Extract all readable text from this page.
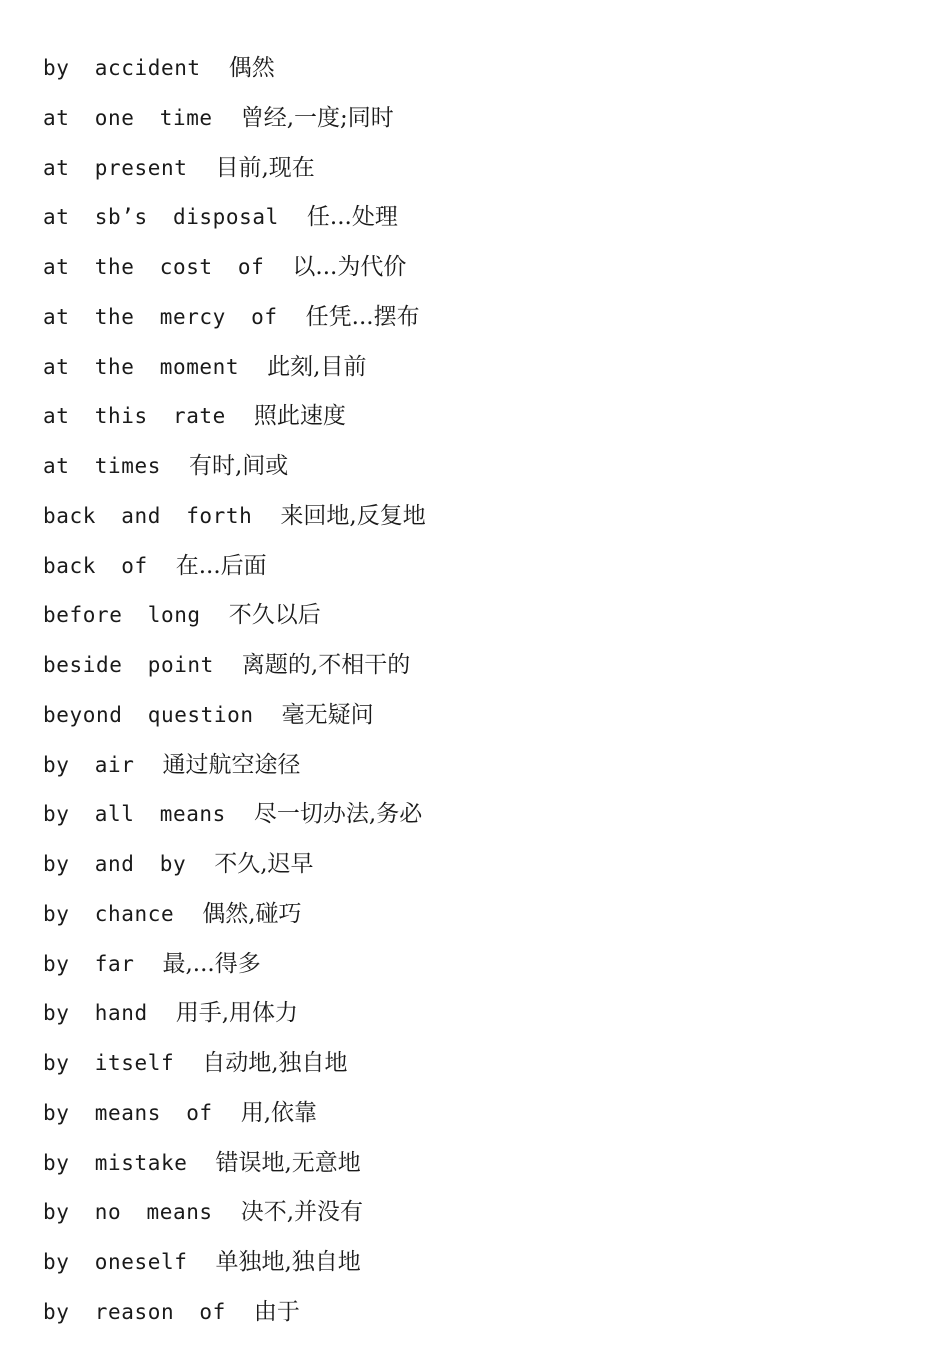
by accident 偶然
at one time 曾经,一度;同时
at present 目前,现在
at sb’s disposal 任...处理
at the cost of 以...为代价
at the mercy of 任凭...摆布
at the moment 此刻,目前
at this rate 照此速度
at times 有时,间或
back and forth 来回地,反复地
back of 在...后面
before long 不久以后
beside point 离题的,不相干的
beyond question 毫无疑问
by air 通过航空途径
by all means 尽一切办法,务必
by and by 不久,迟早
by chance 偶然,碰巧
by far 最,...得多
by hand 用手,用体力
by itself 自动地,独自地
by means of 用,依靠
by mistake 错误地,无意地
by no means 决不,并没有
by oneself 单独地,独自地
by reason of 由于
